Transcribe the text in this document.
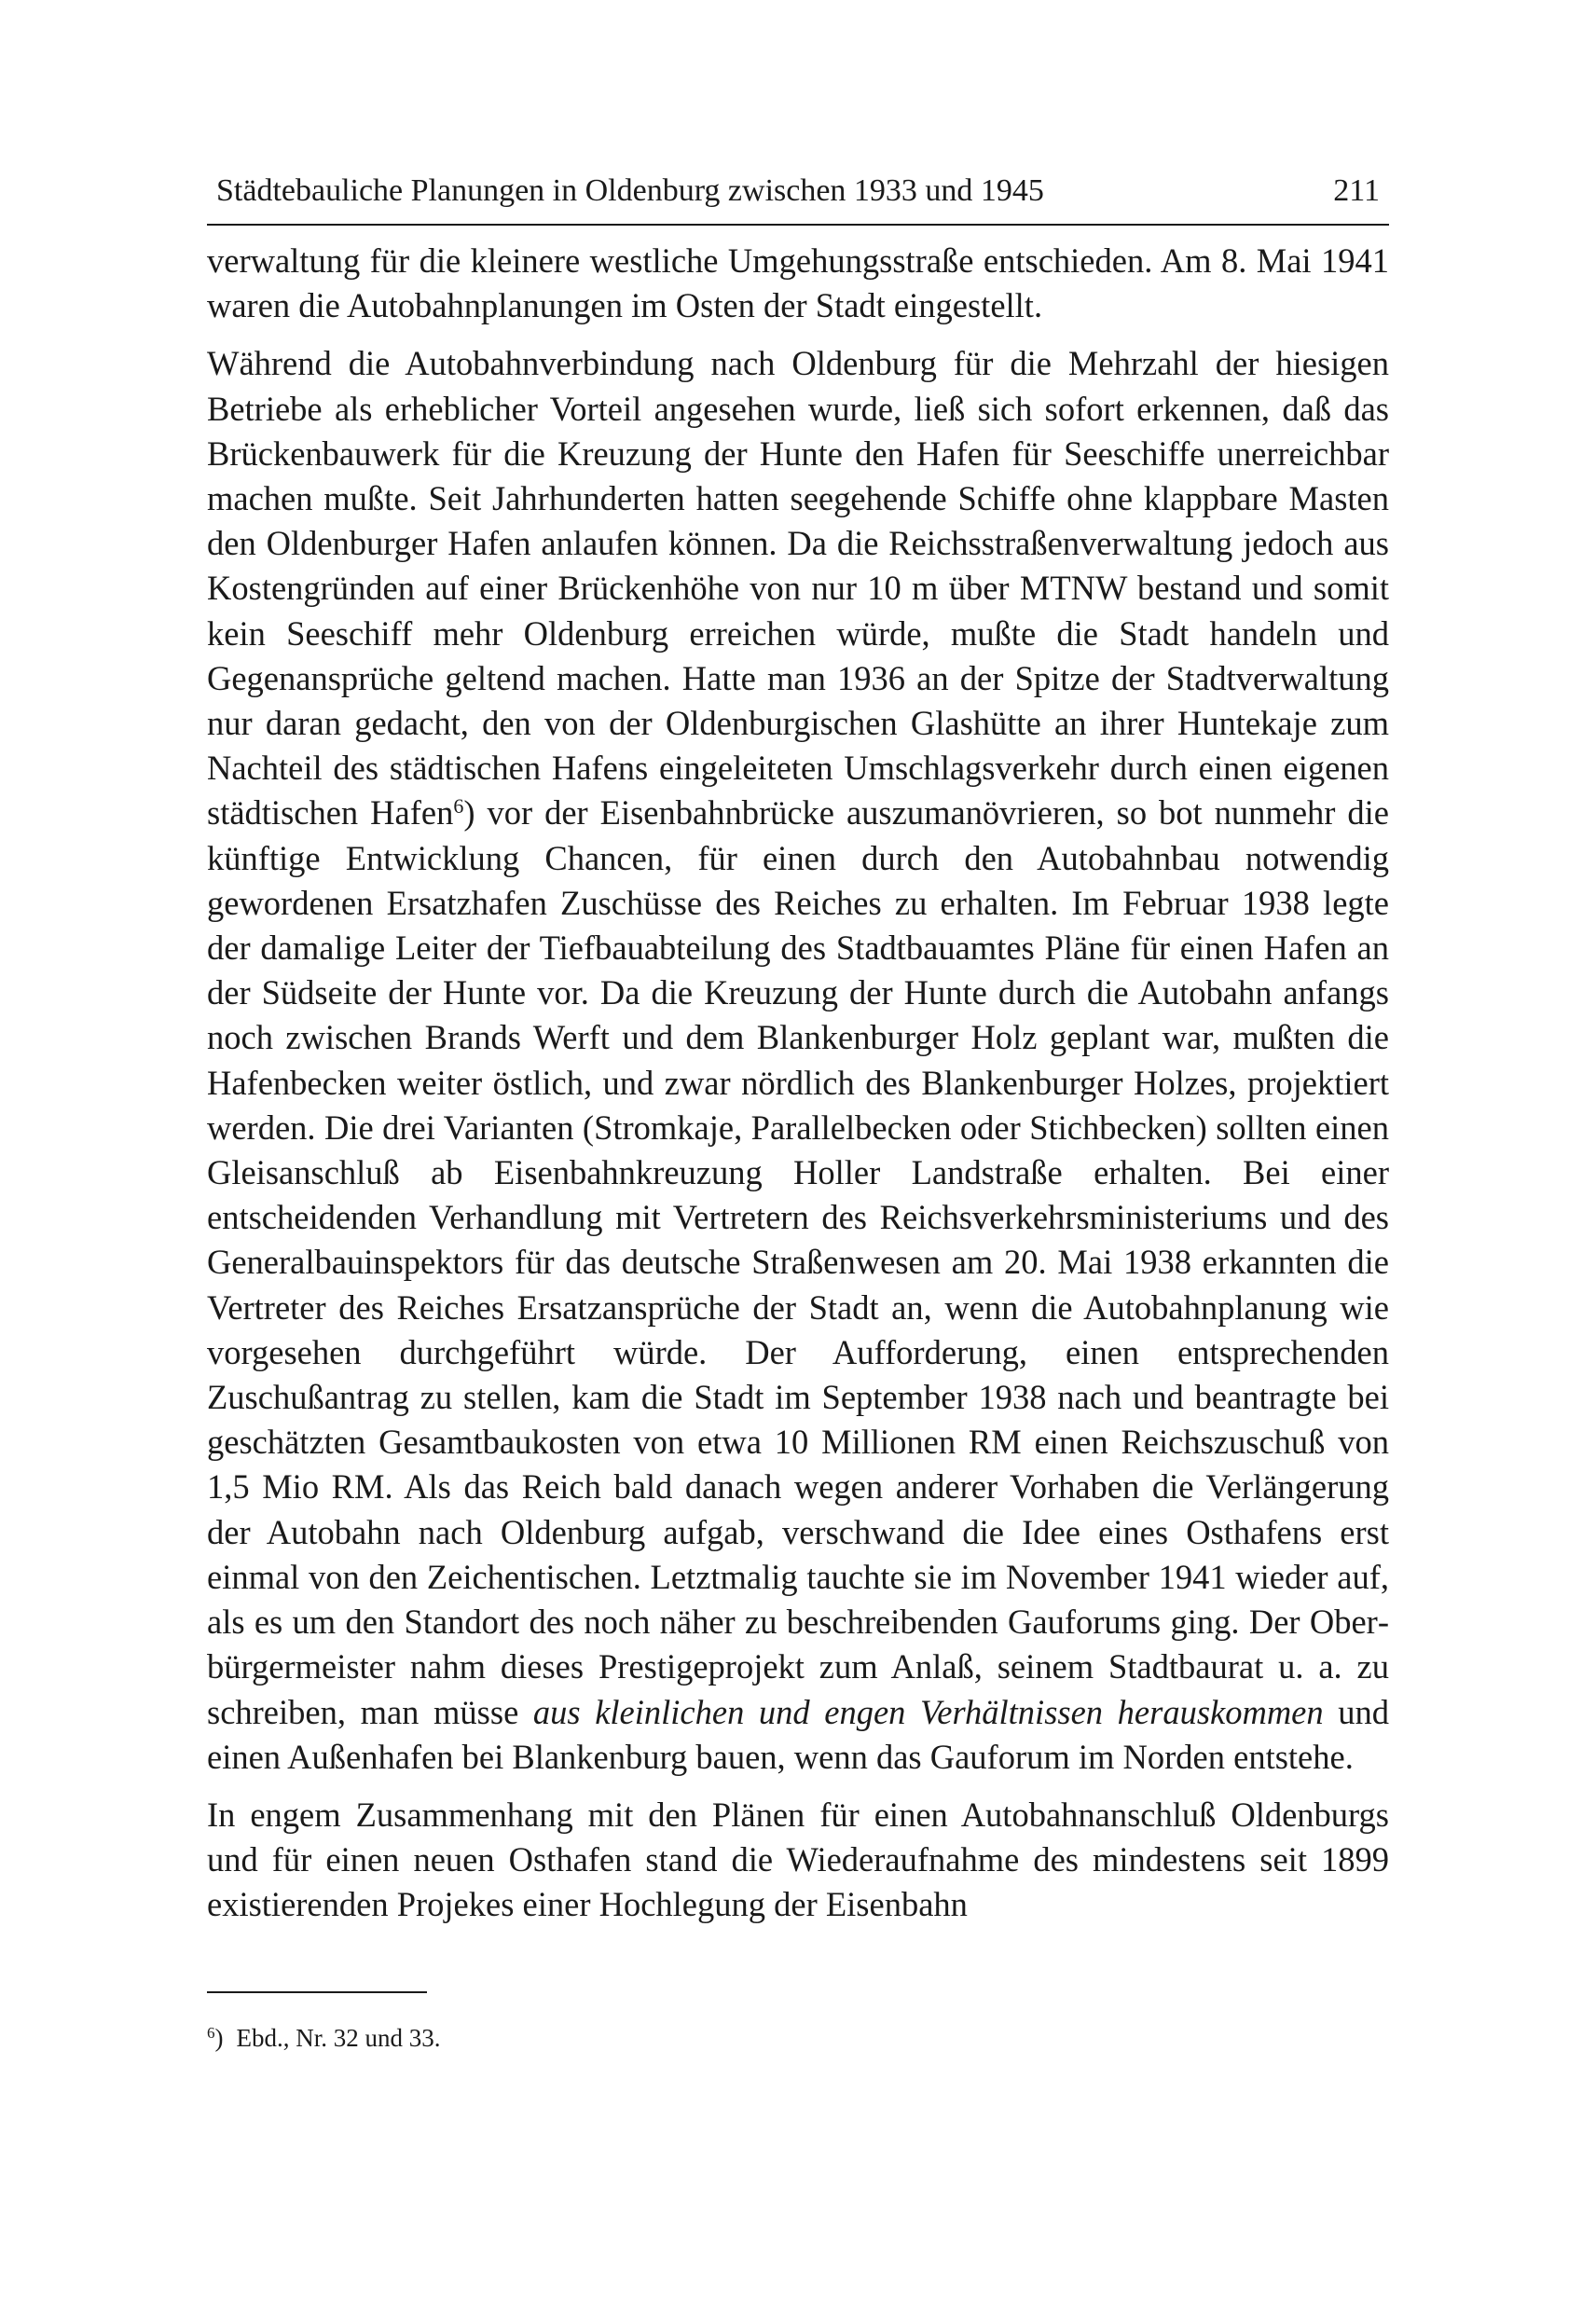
Städtebauliche Planungen in Oldenburg zwischen 1933 und 1945	211

verwaltung für die kleinere westliche Umgehungsstraße entschieden. Am 8. Mai 1941 waren die Autobahnplanungen im Osten der Stadt eingestellt.

Während die Autobahnverbindung nach Oldenburg für die Mehrzahl der hiesigen Betriebe als erheblicher Vorteil angesehen wurde, ließ sich sofort erkennen, daß das Brückenbauwerk für die Kreuzung der Hunte den Hafen für Seeschiffe unerreichbar machen mußte. Seit Jahrhunderten hatten seegehende Schiffe ohne klappbare Masten den Oldenburger Hafen anlaufen können. Da die Reichsstraßenverwaltung jedoch aus Kostengründen auf einer Brückenhöhe von nur 10 m über MTNW bestand und somit kein Seeschiff mehr Oldenburg erreichen würde, mußte die Stadt handeln und Gegenansprüche geltend machen. Hatte man 1936 an der Spitze der Stadtverwaltung nur daran gedacht, den von der Oldenburgischen Glashütte an ihrer Huntekaje zum Nachteil des städtischen Hafens eingeleiteten Umschlagsverkehr durch einen eigenen städtischen Hafen$^6$) vor der Eisenbahnbrücke auszumanövrieren, so bot nunmehr die künftige Entwicklung Chancen, für einen durch den Autobahnbau notwendig gewordenen Ersatzhafen Zuschüsse des Reiches zu erhalten. Im Februar 1938 legte der damalige Leiter der Tiefbauabteilung des Stadtbauamtes Pläne für einen Hafen an der Südseite der Hunte vor. Da die Kreuzung der Hunte durch die Autobahn anfangs noch zwischen Brands Werft und dem Blankenburger Holz geplant war, mußten die Hafenbecken weiter östlich, und zwar nördlich des Blankenburger Holzes, projektiert werden. Die drei Varianten (Stromkaje, Parallelbecken oder Stichbecken) sollten einen Gleisanschluß ab Eisenbahnkreuzung Holler Landstraße erhalten. Bei einer entscheidenden Verhandlung mit Vertretern des Reichsverkehrsministeriums und des Generalbauinspektors für das deutsche Straßenwesen am 20. Mai 1938 erkannten die Vertreter des Reiches Ersatzansprüche der Stadt an, wenn die Autobahnplanung wie vorgesehen durchgeführt würde. Der Aufforderung, einen entsprechenden Zuschußantrag zu stellen, kam die Stadt im September 1938 nach und beantragte bei geschätzten Gesamtbaukosten von etwa 10 Millionen RM einen Reichszuschuß von 1,5 Mio RM. Als das Reich bald danach wegen anderer Vorhaben die Verlängerung der Autobahn nach Oldenburg aufgab, verschwand die Idee eines Osthafens erst einmal von den Zeichentischen. Letztmalig tauchte sie im November 1941 wieder auf, als es um den Standort des noch näher zu beschreibenden Gauforums ging. Der Oberbürgermeister nahm dieses Prestigeprojekt zum Anlaß, seinem Stadtbaurat u. a. zu schreiben, man müsse aus kleinlichen und engen Verhältnissen herauskommen und einen Außenhafen bei Blankenburg bauen, wenn das Gauforum im Norden entstehe.

In engem Zusammenhang mit den Plänen für einen Autobahnanschluß Oldenburgs und für einen neuen Osthafen stand die Wiederaufnahme des mindestens seit 1899 existierenden Projekes einer Hochlegung der Eisenbahn

$^6$) Ebd., Nr. 32 und 33.
